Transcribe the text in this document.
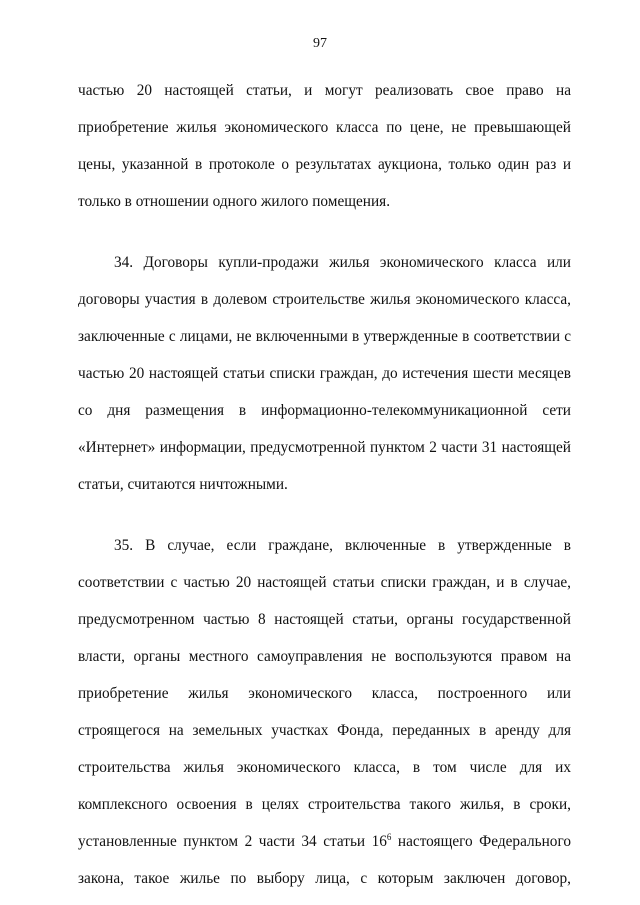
97
частью 20 настоящей статьи, и могут реализовать свое право на
приобретение жилья экономического класса по цене, не превышающей
цены, указанной в протоколе о результатах аукциона, только один раз и
только в отношении одного жилого помещения.
34. Договоры купли-продажи жилья экономического класса или
договоры участия в долевом строительстве жилья экономического класса,
заключенные с лицами, не включенными в утвержденные в соответствии с
частью 20 настоящей статьи списки граждан, до истечения шести месяцев
со дня размещения в информационно-телекоммуникационной сети
«Интернет» информации, предусмотренной пунктом 2 части 31 настоящей
статьи, считаются ничтожными.
35. В случае, если граждане, включенные в утвержденные в
соответствии с частью 20 настоящей статьи списки граждан, и в случае,
предусмотренном частью 8 настоящей статьи, органы государственной
власти, органы местного самоуправления не воспользуются правом на
приобретение жилья экономического класса, построенного или
строящегося на земельных участках Фонда, переданных в аренду для
строительства жилья экономического класса, в том числе для их
комплексного освоения в целях строительства такого жилья, в сроки,
установленные пунктом 2 части 34 статьи $16^6$ настоящего Федерального
закона, такое жилье по выбору лица, с которым заключен договор,
